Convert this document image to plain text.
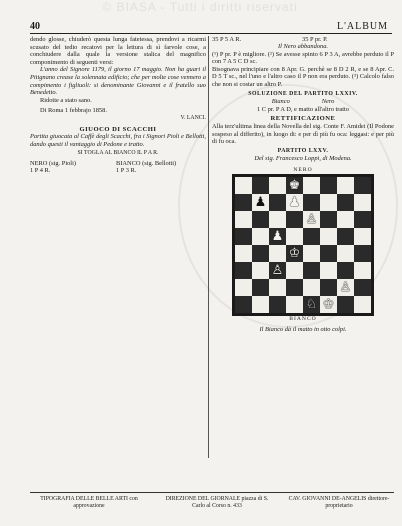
© BIASA - Tutti i diritti riservati
40	L'ALBUM

dendo glosse, chiuderò questa lunga fatetessa, prendovi a ricarmi scusato del tedio recatovi per la lettura di sì farvole cose, a conchiudere dalla quale la versione stalica del magnifico componimento di seguenti versi:

L'anno del Signore 1179, il giorno 17 maggio. Non ha guari il Pitignano crease la solennata edificio; che per molte cose vennero a compimento i figliuoli: si denominante Giovanni e il fratello suo Benedetto.

Ridotte a stato sano.

Di Roma 1 febbrajo 1858.

V. LANCI.

GIUOCO DI SCACCHI

Partita giuocata al Caffè degli Scacchi, fra i Signori Pioli e Bellotti, dando questi il vantaggio di Pedone e tratto.

SI TOGLA AL BIANCO IL P A R.

NERO (sig. Pioli)
1 P 4 R.
BIANCO (sig. Bellotti)
1 P 3 R.
35 P 5 A R.	35 P pr. P.

Il Nero abbandona.

(¹) P pr. P è migliore. (²) Se avesse spinto 6 P 3 A, avrebbe perduto il P con 7 A 5 C D sc.

Bisognava principiare con 8 Apr. G. perchè se 8 D 2 R, e se 8 Apr. C. D 5 T sc., nel l'uno e l'altro caso il P non era perduto. (³) Calcolo falso che non si costar un altro P.

SOLUZIONE DEL PARTITO LXXIV.

Bianco                    Nero

1 C pr. P A D, e matto all'altro tratto

RETTIFICAZIONE

Alla terz'ultima linea della Novella del sig. Conte F. Amidei (Il Podone sospeso al differito), in luogo di: e per dì più fu oca: leggasi: e per più di fu oca.

PARTITO LXXV.

Del sig. Francesco Loppi, di Modena.

NERO
♚
♟ ♟
♙
♟
♔
♙
♙
♘ ♔
BIANCO

Il Bianco dà il matto in otto colpi.

TIPOGRAFIA DELLE BELLE ARTI con approvazione
DIREZIONE DEL GIORNALE piazza di S. Carlo al Corso n. 433
CAV. GIOVANNI DE-ANGELIS direttore-proprietario
